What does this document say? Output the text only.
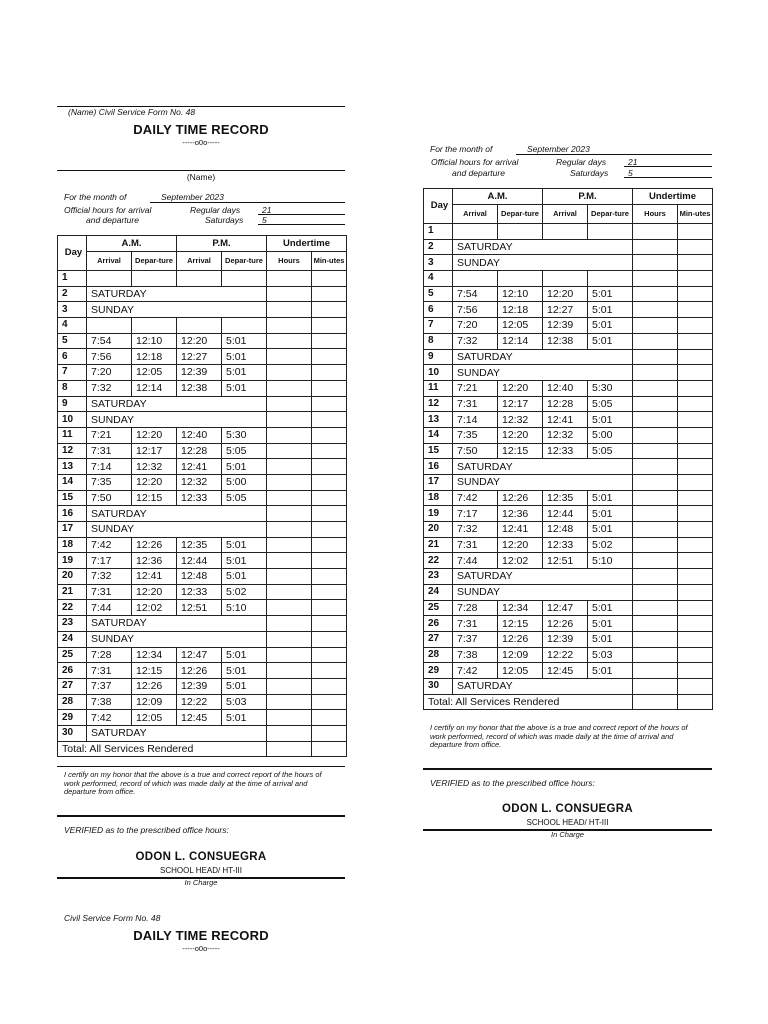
(Name) Civil Service Form No. 48
DAILY TIME RECORD
-----o0o-----
(Name)
For the month of	September 2023
Official hours for arrival
and departure
Regular days	21
Saturdays 5
Day	A.M.		P.M.		Undertime	
	Arrival	Depar-ture	Arrival	Depar-ture	Hours	Min-utes
1						
2	SATURDAY					
3	SUNDAY					
4						
5	7:54	12:10	12:20	5:01		
6	7:56	12:18	12:27	5:01		
7	7:20	12:05	12:39	5:01		
8	7:32	12:14	12:38	5:01		
9	SATURDAY					
10	SUNDAY					
11	7:21	12:20	12:40	5:30		
12	7:31	12:17	12:28	5:05		
13	7:14	12:32	12:41	5:01		
14	7:35	12:20	12:32	5:00		
15	7:50	12:15	12:33	5:05		
16	SATURDAY					
17	SUNDAY					
18	7:42	12:26	12:35	5:01		
19	7:17	12:36	12:44	5:01		
20	7:32	12:41	12:48	5:01		
21	7:31	12:20	12:33	5:02		
22	7:44	12:02	12:51	5:10		
23	SATURDAY					
24	SUNDAY					
25	7:28	12:34	12:47	5:01		
26	7:31	12:15	12:26	5:01		
27	7:37	12:26	12:39	5:01		
28	7:38	12:09	12:22	5:03		
29	7:42	12:05	12:45	5:01		
30	SATURDAY					
Total: All Services Rendered						
I certify on my honor that the above is a true and correct report of the hours of work performed, record of which was made daily at the time of arrival and departure from office.
VERIFIED as to the prescribed office hours:
ODON L. CONSUEGRA
SCHOOL HEAD/ HT-III
In Charge
Civil Service Form No. 48
DAILY TIME RECORD
-----o0o-----
For the month of	September 2023
Official hours for arrival
and departure
Regular days	21
Saturdays 5
Day	A.M.		P.M.		Undertime	
	Arrival	Depar-ture	Arrival	Depar-ture	Hours	Min-utes
1						
2	SATURDAY					
3	SUNDAY					
4						
5	7:54	12:10	12:20	5:01		
6	7:56	12:18	12:27	5:01		
7	7:20	12:05	12:39	5:01		
8	7:32	12:14	12:38	5:01		
9	SATURDAY					
10	SUNDAY					
11	7:21	12:20	12:40	5:30		
12	7:31	12:17	12:28	5:05		
13	7:14	12:32	12:41	5:01		
14	7:35	12:20	12:32	5:00		
15	7:50	12:15	12:33	5:05		
16	SATURDAY					
17	SUNDAY					
18	7:42	12:26	12:35	5:01		
19	7:17	12:36	12:44	5:01		
20	7:32	12:41	12:48	5:01		
21	7:31	12:20	12:33	5:02		
22	7:44	12:02	12:51	5:10		
23	SATURDAY					
24	SUNDAY					
25	7:28	12:34	12:47	5:01		
26	7:31	12:15	12:26	5:01		
27	7:37	12:26	12:39	5:01		
28	7:38	12:09	12:22	5:03		
29	7:42	12:05	12:45	5:01		
30	SATURDAY					
Total: All Services Rendered						
I certify on my honor that the above is a true and correct report of the hours of work performed, record of which was made daily at the time of arrival and departure from office.
VERIFIED as to the prescribed office hours:
ODON L. CONSUEGRA
SCHOOL HEAD/ HT-III
In Charge
